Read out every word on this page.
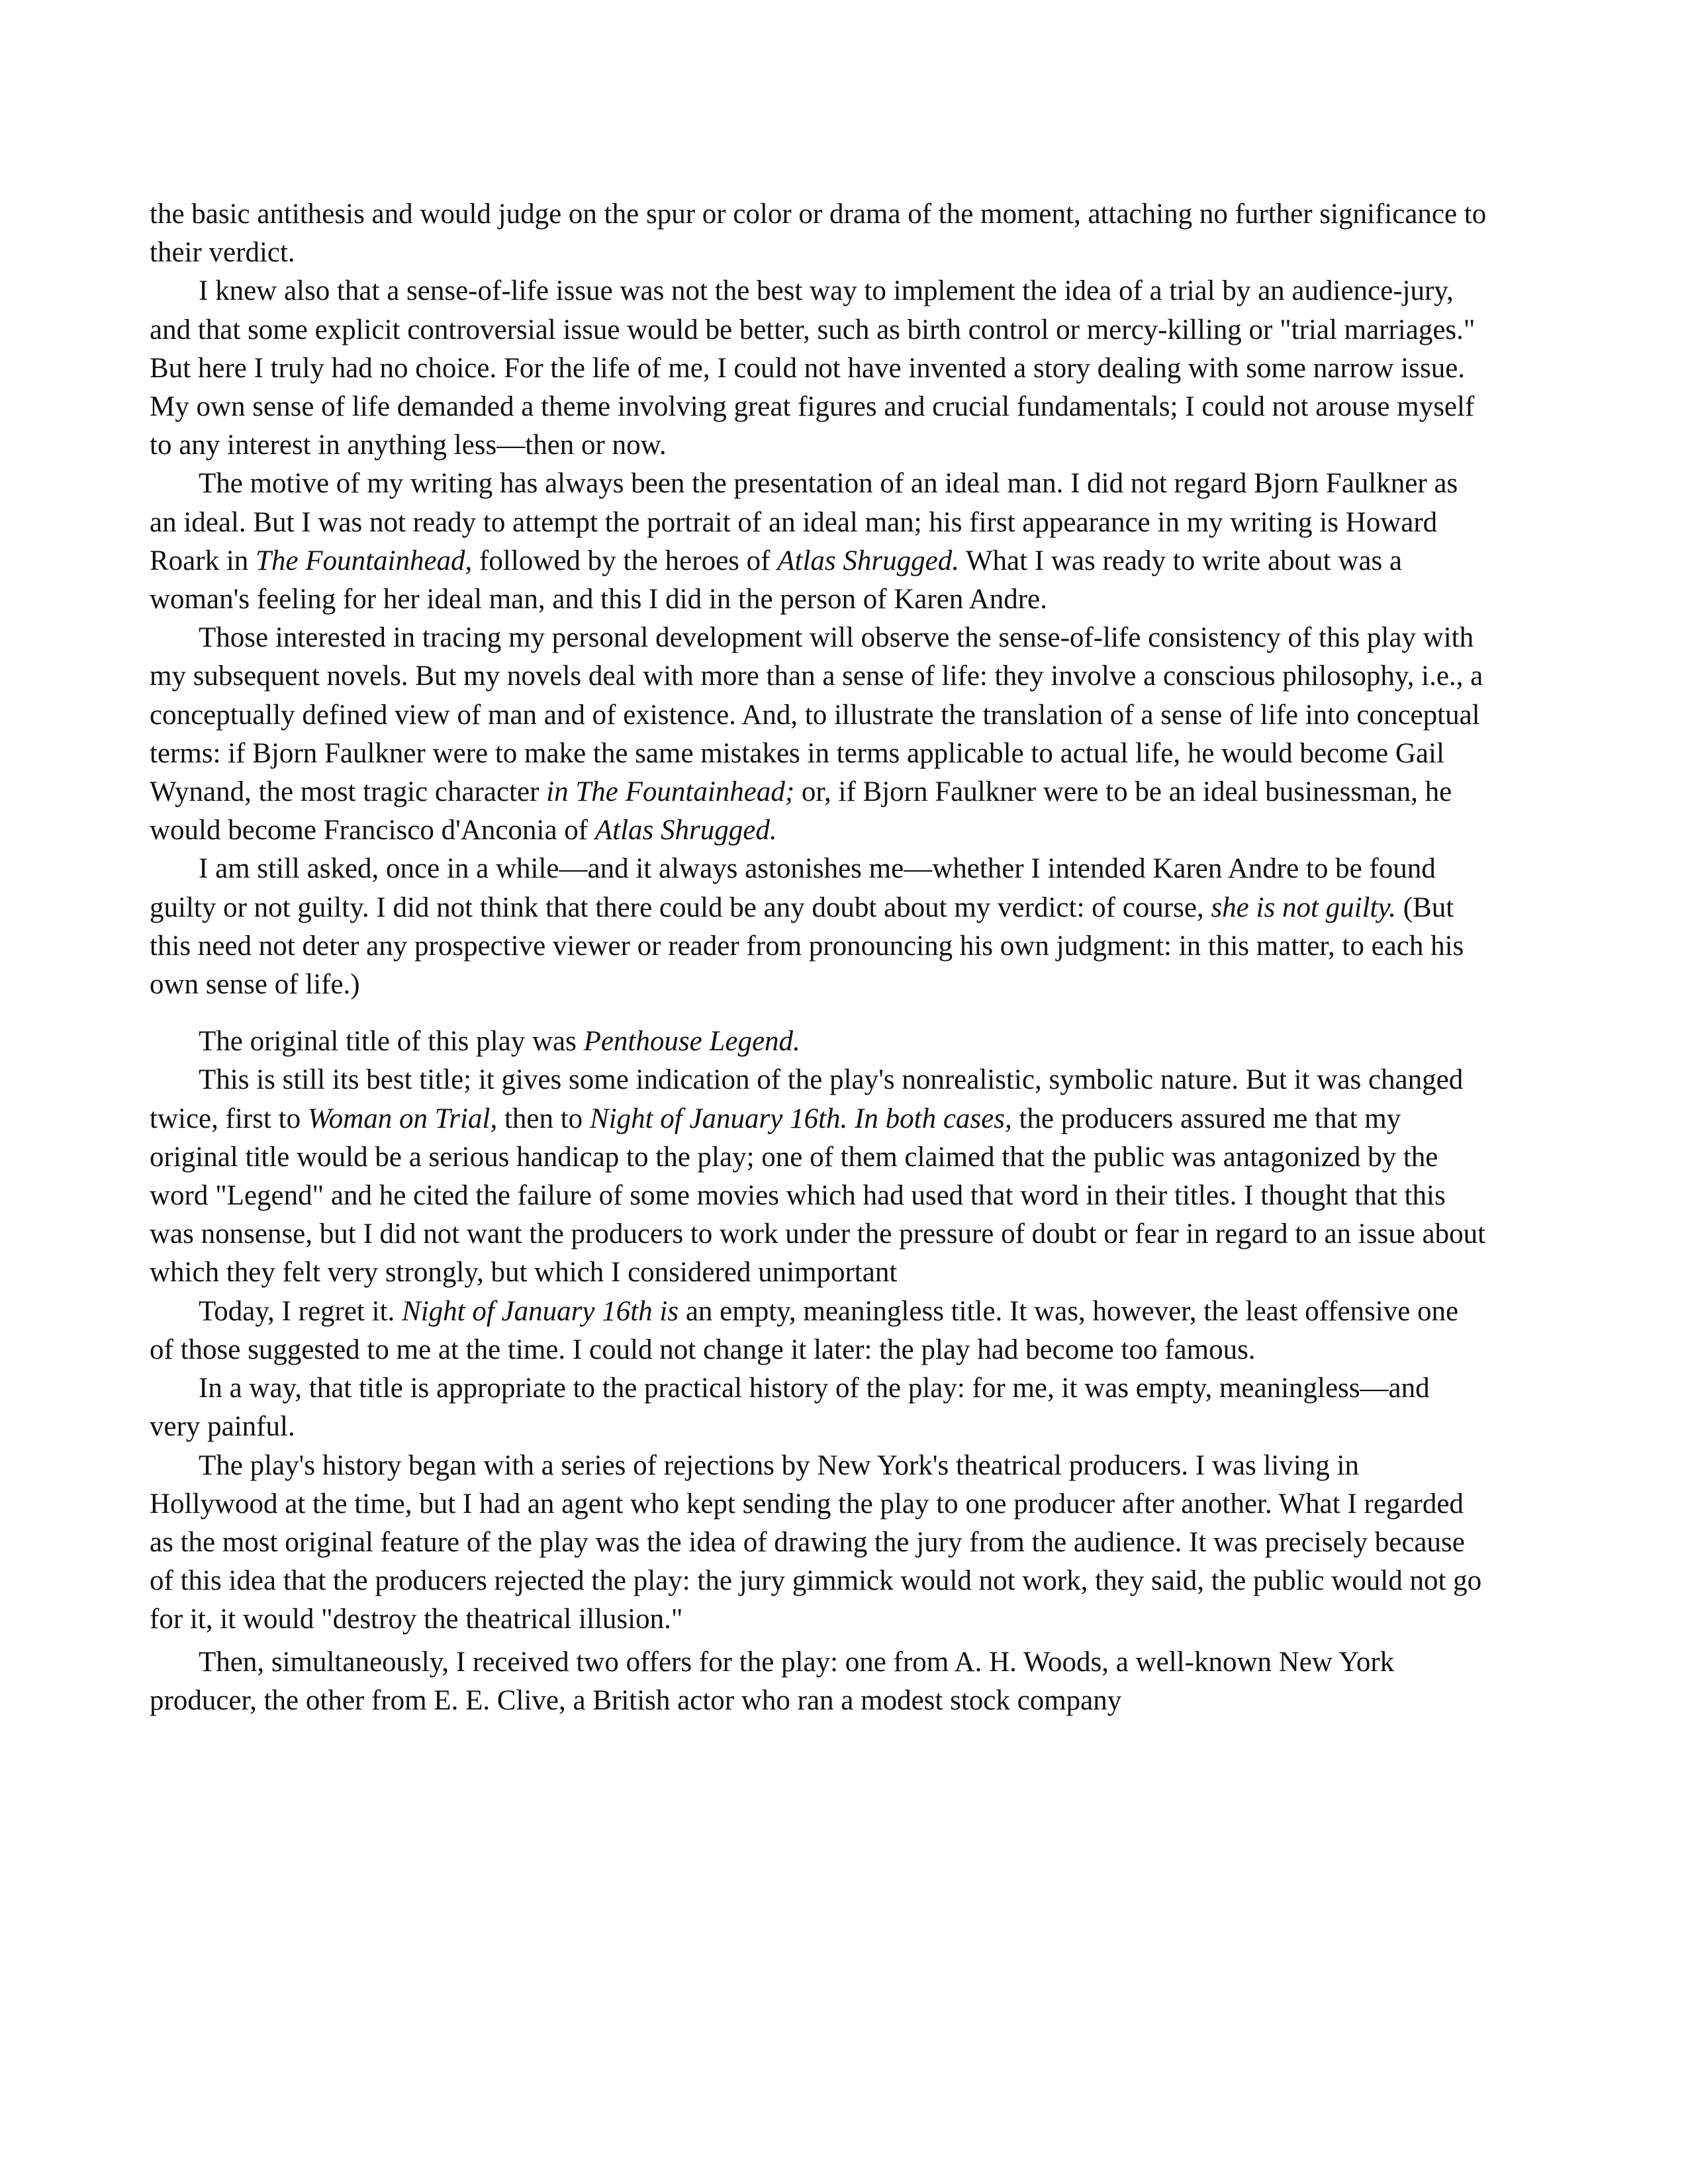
the basic antithesis and would judge on the spur or color or drama of the moment, attaching no further significance to their verdict.

I knew also that a sense-of-life issue was not the best way to implement the idea of a trial by an audience-jury, and that some explicit controversial issue would be better, such as birth control or mercy-killing or "trial marriages." But here I truly had no choice. For the life of me, I could not have invented a story dealing with some narrow issue. My own sense of life demanded a theme involving great figures and crucial fundamentals; I could not arouse myself to any interest in anything less—then or now.

The motive of my writing has always been the presentation of an ideal man. I did not regard Bjorn Faulkner as an ideal. But I was not ready to attempt the portrait of an ideal man; his first appearance in my writing is Howard Roark in The Fountainhead, followed by the heroes of Atlas Shrugged. What I was ready to write about was a woman's feeling for her ideal man, and this I did in the person of Karen Andre.

Those interested in tracing my personal development will observe the sense-of-life consistency of this play with my subsequent novels. But my novels deal with more than a sense of life: they involve a conscious philosophy, i.e., a conceptually defined view of man and of existence. And, to illustrate the translation of a sense of life into conceptual terms: if Bjorn Faulkner were to make the same mistakes in terms applicable to actual life, he would become Gail Wynand, the most tragic character in The Fountainhead; or, if Bjorn Faulkner were to be an ideal businessman, he would become Francisco d'Anconia of Atlas Shrugged.

I am still asked, once in a while—and it always astonishes me—whether I intended Karen Andre to be found guilty or not guilty. I did not think that there could be any doubt about my verdict: of course, she is not guilty. (But this need not deter any prospective viewer or reader from pronouncing his own judgment: in this matter, to each his own sense of life.)

The original title of this play was Penthouse Legend.

This is still its best title; it gives some indication of the play's nonrealistic, symbolic nature. But it was changed twice, first to Woman on Trial, then to Night of January 16th. In both cases, the producers assured me that my original title would be a serious handicap to the play; one of them claimed that the public was antagonized by the word "Legend" and he cited the failure of some movies which had used that word in their titles. I thought that this was nonsense, but I did not want the producers to work under the pressure of doubt or fear in regard to an issue about which they felt very strongly, but which I considered unimportant

Today, I regret it. Night of January 16th is an empty, meaningless title. It was, however, the least offensive one of those suggested to me at the time. I could not change it later: the play had become too famous.

In a way, that title is appropriate to the practical history of the play: for me, it was empty, meaningless—and very painful.

The play's history began with a series of rejections by New York's theatrical producers. I was living in Hollywood at the time, but I had an agent who kept sending the play to one producer after another. What I regarded as the most original feature of the play was the idea of drawing the jury from the audience. It was precisely because of this idea that the producers rejected the play: the jury gimmick would not work, they said, the public would not go for it, it would "destroy the theatrical illusion."

Then, simultaneously, I received two offers for the play: one from A. H. Woods, a well-known New York producer, the other from E. E. Clive, a British actor who ran a modest stock company
